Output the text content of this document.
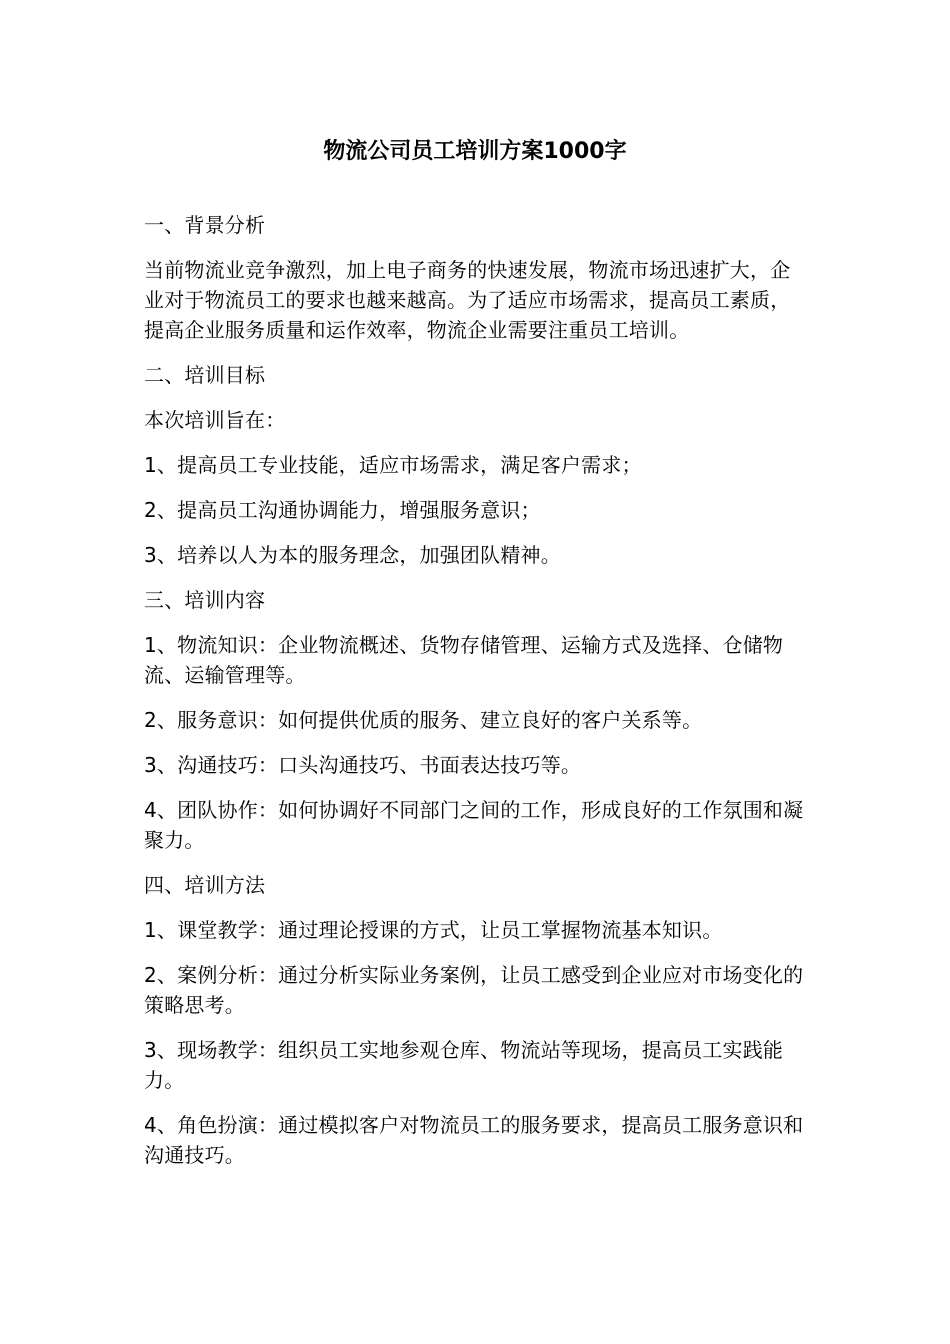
物流公司员工培训方案1000字

一、背景分析

当前物流业竞争激烈，加上电子商务的快速发展，物流市场迅速扩大，企业对于物流员工的要求也越来越高。为了适应市场需求，提高员工素质，提高企业服务质量和运作效率，物流企业需要注重员工培训。

二、培训目标

本次培训旨在：

1、提高员工专业技能，适应市场需求，满足客户需求；

2、提高员工沟通协调能力，增强服务意识；

3、培养以人为本的服务理念，加强团队精神。

三、培训内容

1、物流知识：企业物流概述、货物存储管理、运输方式及选择、仓储物流、运输管理等。

2、服务意识：如何提供优质的服务、建立良好的客户关系等。

3、沟通技巧：口头沟通技巧、书面表达技巧等。

4、团队协作：如何协调好不同部门之间的工作，形成良好的工作氛围和凝聚力。

四、培训方法

1、课堂教学：通过理论授课的方式，让员工掌握物流基本知识。

2、案例分析：通过分析实际业务案例，让员工感受到企业应对市场变化的策略思考。

3、现场教学：组织员工实地参观仓库、物流站等现场，提高员工实践能力。

4、角色扮演：通过模拟客户对物流员工的服务要求，提高员工服务意识和沟通技巧。
